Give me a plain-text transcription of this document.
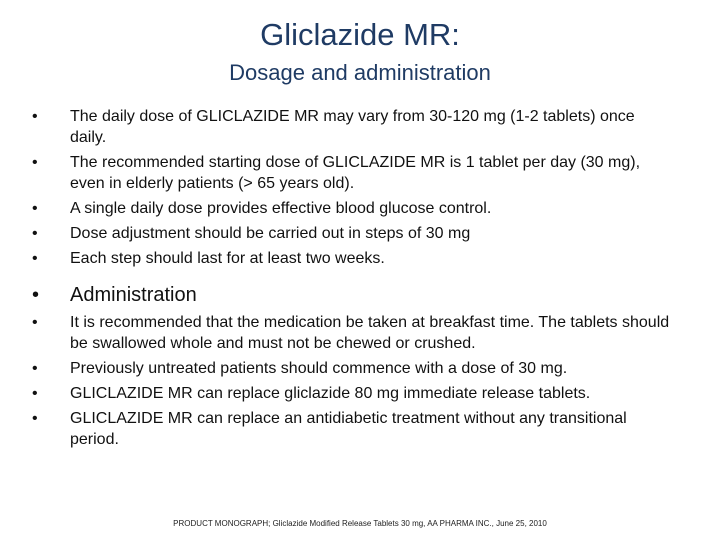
Gliclazide MR:
Dosage and administration
•	The daily dose of GLICLAZIDE MR may vary from 30-120 mg (1-2 tablets) once daily.
•	The recommended starting dose of GLICLAZIDE MR is 1 tablet per day (30 mg), even in elderly patients (> 65 years old).
•	A single daily dose provides effective blood glucose control.
•	Dose adjustment should be carried out in steps of 30 mg
•	Each step should last for at least two weeks.
• Administration
•	It is recommended that the medication be taken at breakfast time. The tablets should be swallowed whole and must not be chewed or crushed.
•	Previously untreated patients should commence with a dose of 30 mg.
•	GLICLAZIDE MR can replace gliclazide 80 mg immediate release tablets.
•	GLICLAZIDE MR can replace an antidiabetic treatment without any transitional period.
PRODUCT MONOGRAPH; Gliclazide Modified Release Tablets 30 mg, AA PHARMA INC., June 25, 2010
